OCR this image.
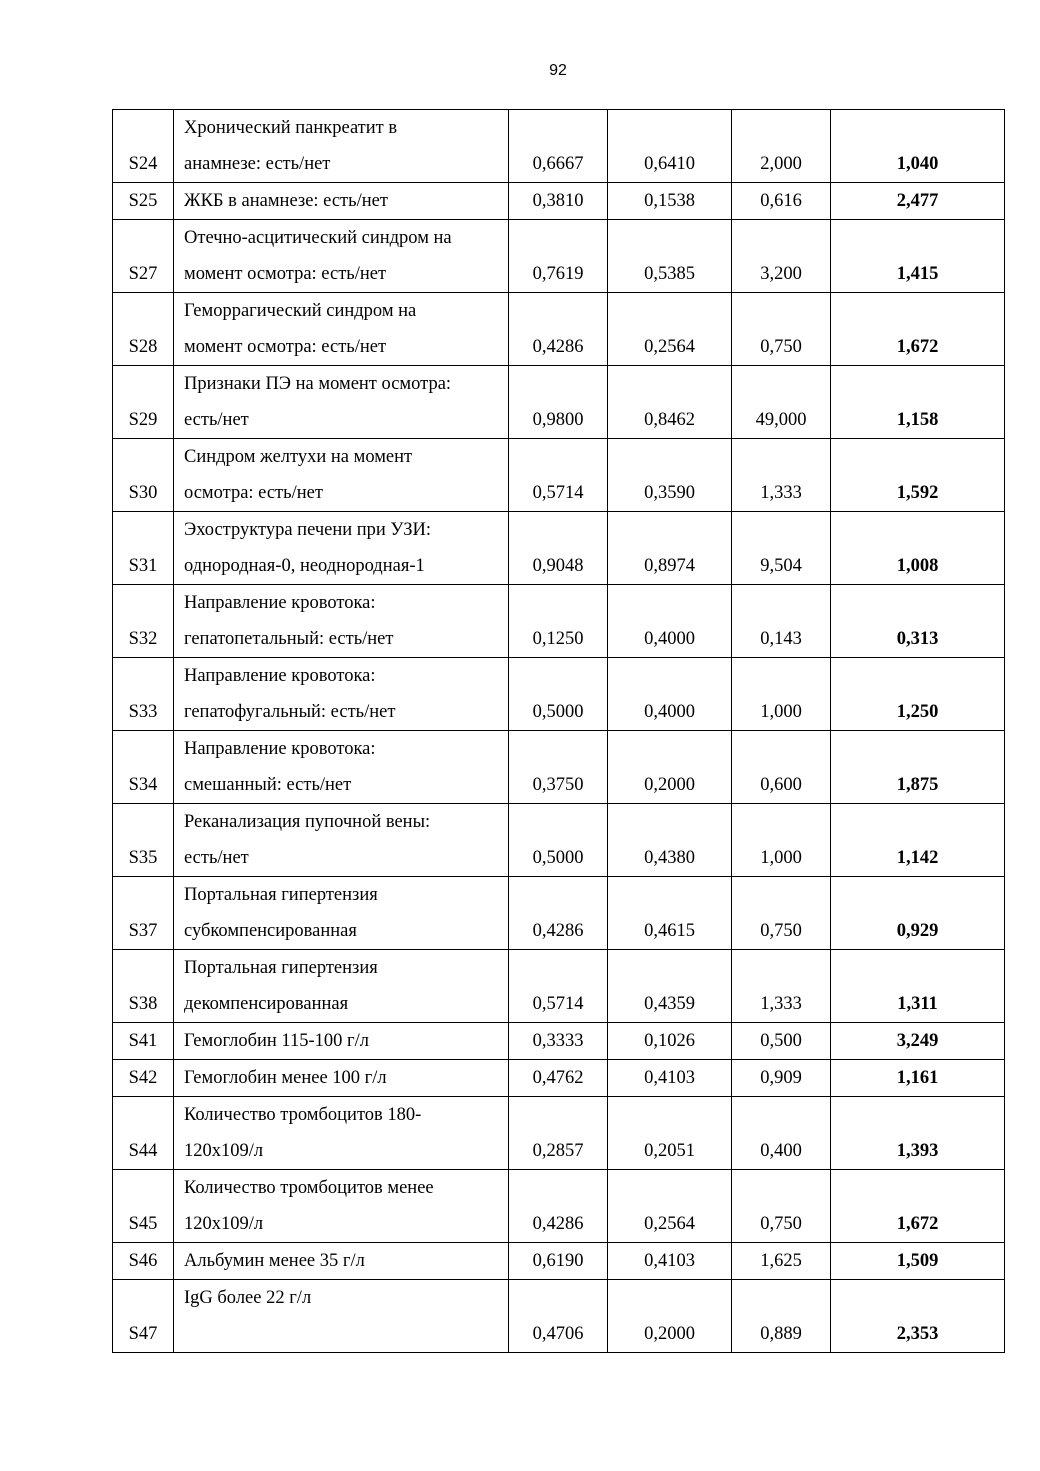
92
S24	Хронический панкреатит в
анамнезе: есть/нет	0,6667	0,6410	2,000	1,040
S25	ЖКБ в анамнезе: есть/нет	0,3810	0,1538	0,616	2,477
S27	Отечно-асцитический синдром на
момент осмотра: есть/нет	0,7619	0,5385	3,200	1,415
S28	Геморрагический синдром на
момент осмотра: есть/нет	0,4286	0,2564	0,750	1,672
S29	Признаки ПЭ на момент осмотра:
есть/нет	0,9800	0,8462	49,000	1,158
S30	Синдром желтухи на момент
осмотра: есть/нет	0,5714	0,3590	1,333	1,592
S31	Эхоструктура печени при УЗИ:
однородная-0, неоднородная-1	0,9048	0,8974	9,504	1,008
S32	Направление кровотока:
гепатопетальный: есть/нет	0,1250	0,4000	0,143	0,313
S33	Направление кровотока:
гепатофугальный: есть/нет	0,5000	0,4000	1,000	1,250
S34	Направление кровотока:
смешанный: есть/нет	0,3750	0,2000	0,600	1,875
S35	Реканализация пупочной вены:
есть/нет	0,5000	0,4380	1,000	1,142
S37	Портальная гипертензия
субкомпенсированная	0,4286	0,4615	0,750	0,929
S38	Портальная гипертензия
декомпенсированная	0,5714	0,4359	1,333	1,311
S41	Гемоглобин 115-100 г/л	0,3333	0,1026	0,500	3,249
S42	Гемоглобин менее 100 г/л	0,4762	0,4103	0,909	1,161
S44	Количество тромбоцитов 180-
120х109/л	0,2857	0,2051	0,400	1,393
S45	Количество тромбоцитов менее
120х109/л	0,4286	0,2564	0,750	1,672
S46	Альбумин менее 35 г/л	0,6190	0,4103	1,625	1,509
S47	IgG более 22 г/л	0,4706	0,2000	0,889	2,353
